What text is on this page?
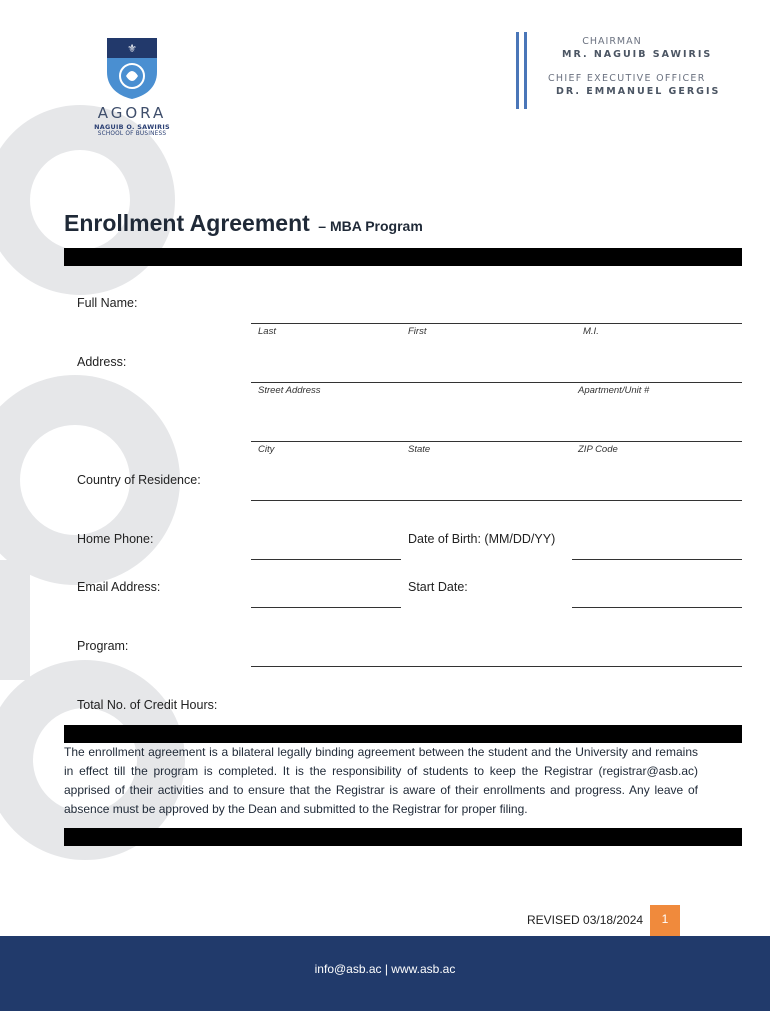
⚜
AGORA
NAGUIB O. SAWIRIS
SCHOOL OF BUSINESS
CHAIRMAN
MR. NAGUIB SAWIRIS
CHIEF EXECUTIVE OFFICER
DR. EMMANUEL GERGIS
Enrollment Agreement – MBA Program
Full Name:
Last	First	M.I.
Address:
Street Address	Apartment/Unit #
City	State	ZIP Code
Country of Residence:
Home Phone:	Date of Birth: (MM/DD/YY)
Email Address:	Start Date:
Program:
Total No. of Credit Hours:
The enrollment agreement is a bilateral legally binding agreement between the student and the University and remains in effect till the program is completed. It is the responsibility of students to keep the Registrar (registrar@asb.ac) apprised of their activities and to ensure that the Registrar is aware of their enrollments and progress. Any leave of absence must be approved by the Dean and submitted to the Registrar for proper filing.
REVISED 03/18/2024	1
info@asb.ac | www.asb.ac
